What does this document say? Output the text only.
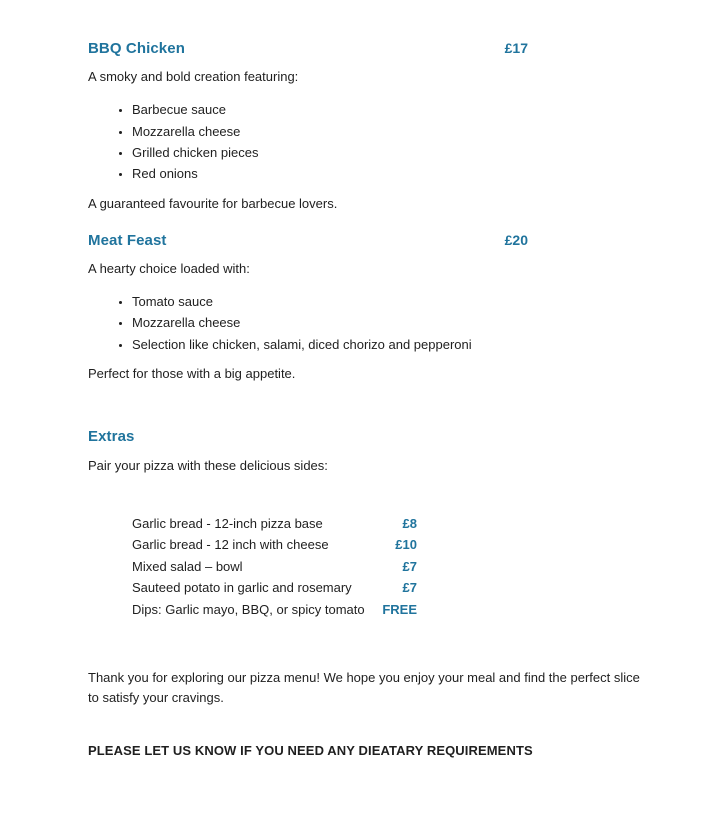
BBQ Chicken	£17

A smoky and bold creation featuring:

• Barbecue sauce
• Mozzarella cheese
• Grilled chicken pieces
• Red onions

A guaranteed favourite for barbecue lovers.

Meat Feast	£20

A hearty choice loaded with:

• Tomato sauce
• Mozzarella cheese
• Selection like chicken, salami, diced chorizo and pepperoni

Perfect for those with a big appetite.

Extras

Pair your pizza with these delicious sides:

Garlic bread - 12-inch pizza base	£8
Garlic bread - 12 inch with cheese	£10
Mixed salad – bowl	£7
Sauteed potato in garlic and rosemary	£7
Dips: Garlic mayo, BBQ, or spicy tomato FREE

Thank you for exploring our pizza menu! We hope you enjoy your meal and find the perfect slice to satisfy your cravings.

PLEASE LET US KNOW IF YOU NEED ANY DIEATARY REQUIREMENTS
